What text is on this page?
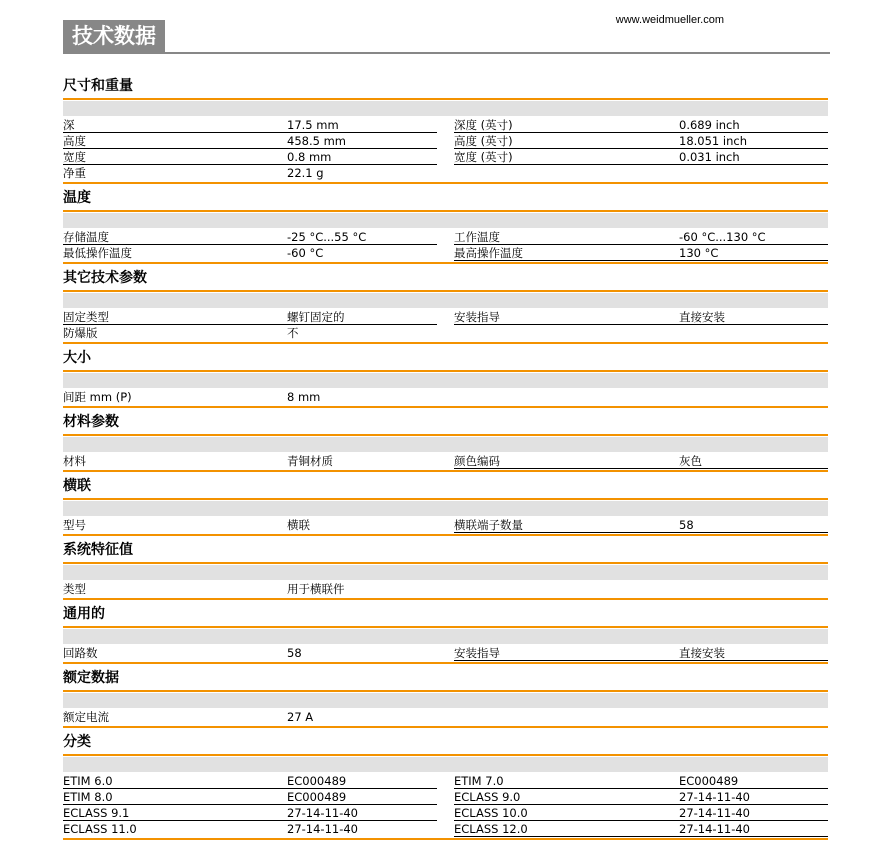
技术数据
www.weidmueller.com
尺寸和重量
深	17.5 mm	深度 (英寸)	0.689 inch
高度	458.5 mm	高度 (英寸)	18.051 inch
宽度	0.8 mm	宽度 (英寸)	0.031 inch
净重	22.1 g
温度
存储温度	-25 °C...55 °C	工作温度	-60 °C...130 °C
最低操作温度	-60 °C	最高操作温度	130 °C
其它技术参数
固定类型	螺钉固定的	安装指导	直接安装
防爆版	不
大小
间距 mm (P)	8 mm
材料参数
材料	青铜材质	颜色编码	灰色
横联
型号	横联	横联端子数量	58
系统特征值
类型	用于横联件
通用的
回路数	58	安装指导	直接安装
额定数据
额定电流	27 A
分类
ETIM 6.0	EC000489	ETIM 7.0	EC000489
ETIM 8.0	EC000489	ECLASS 9.0	27-14-11-40
ECLASS 9.1	27-14-11-40	ECLASS 10.0	27-14-11-40
ECLASS 11.0	27-14-11-40	ECLASS 12.0	27-14-11-40
